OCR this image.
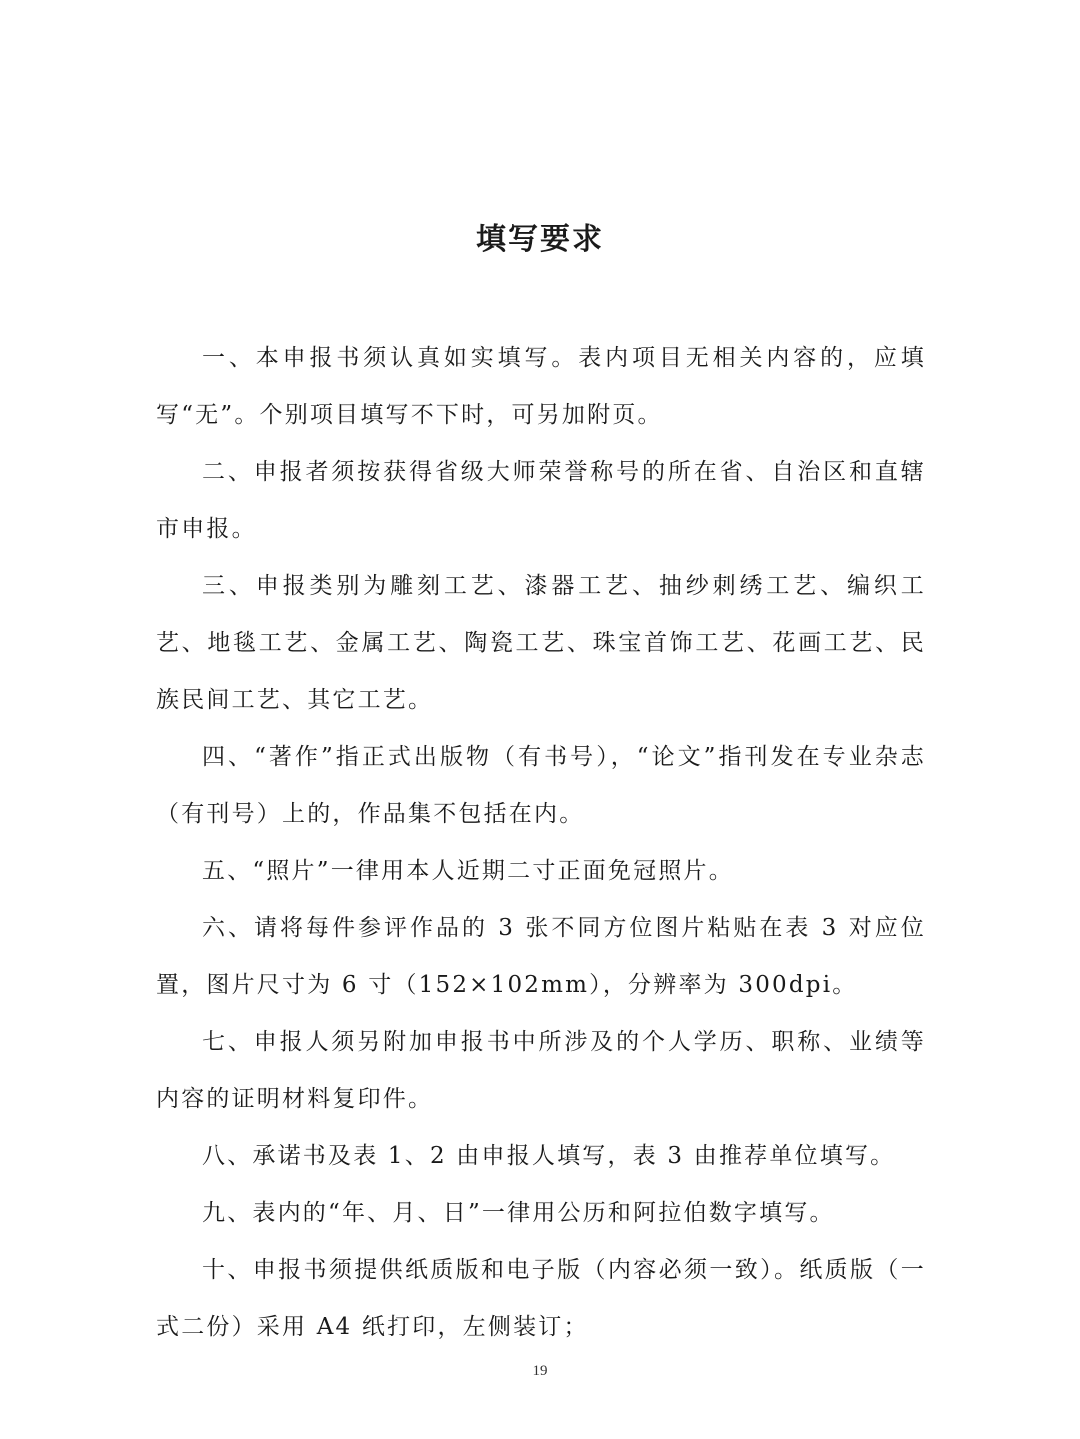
填写要求

一、本申报书须认真如实填写。表内项目无相关内容的，应填写“无”。个别项目填写不下时，可另加附页。

二、申报者须按获得省级大师荣誉称号的所在省、自治区和直辖市申报。

三、申报类别为雕刻工艺、漆器工艺、抽纱刺绣工艺、编织工艺、地毯工艺、金属工艺、陶瓷工艺、珠宝首饰工艺、花画工艺、民族民间工艺、其它工艺。

四、“著作”指正式出版物（有书号），“论文”指刊发在专业杂志（有刊号）上的，作品集不包括在内。

五、“照片”一律用本人近期二寸正面免冠照片。

六、请将每件参评作品的 3 张不同方位图片粘贴在表 3 对应位置，图片尺寸为 6 寸（152×102mm），分辨率为 300dpi。

七、申报人须另附加申报书中所涉及的个人学历、职称、业绩等内容的证明材料复印件。

八、承诺书及表 1、2 由申报人填写，表 3 由推荐单位填写。

九、表内的“年、月、日”一律用公历和阿拉伯数字填写。

十、申报书须提供纸质版和电子版（内容必须一致）。纸质版（一式二份）采用 A4 纸打印，左侧装订；

19
